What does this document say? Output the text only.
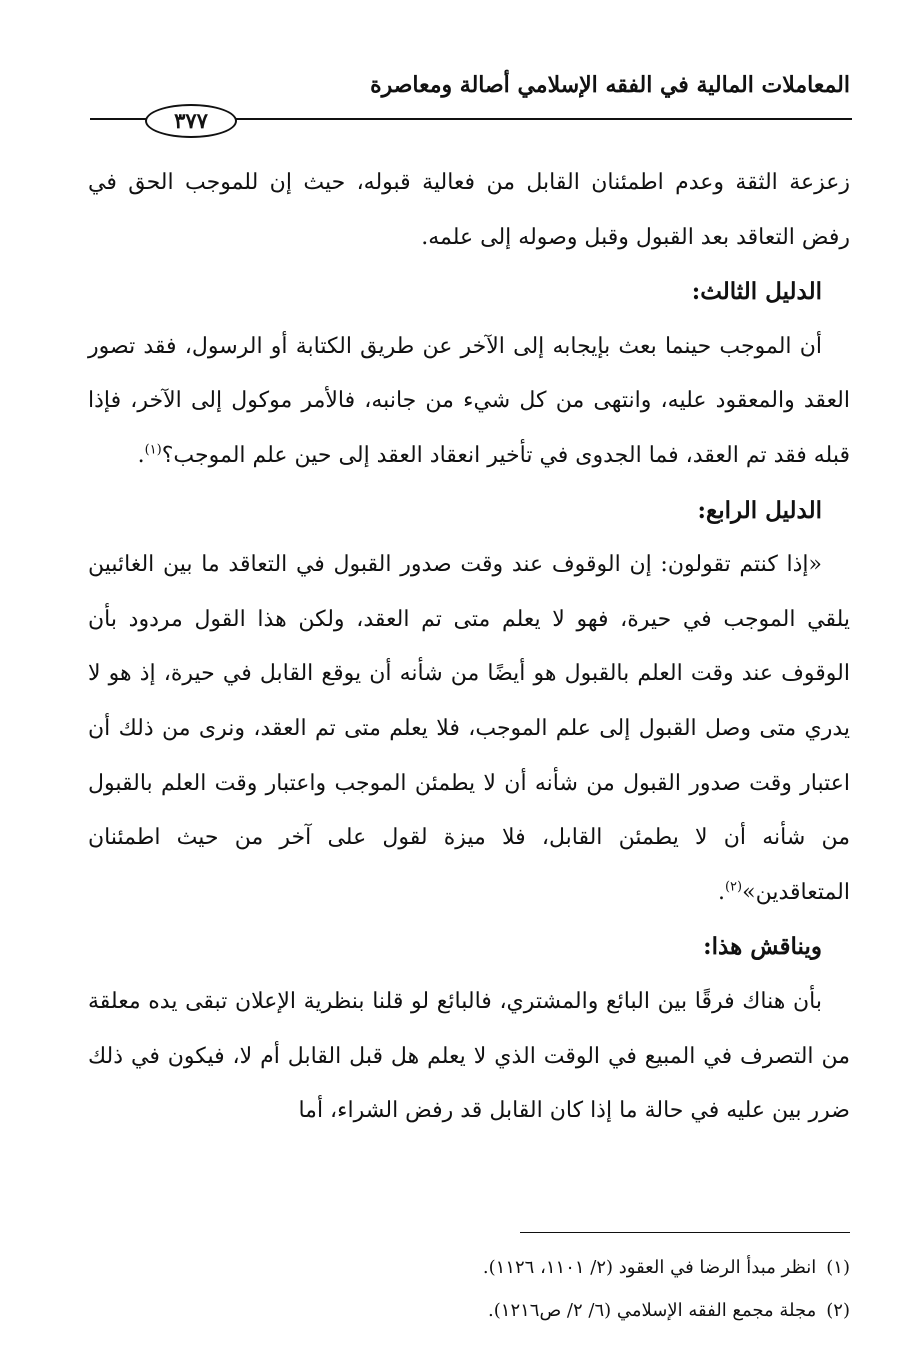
المعاملات المالية في الفقه الإسلامي أصالة ومعاصرة
٣٧٧

زعزعة الثقة وعدم اطمئنان القابل من فعالية قبوله، حيث إن للموجب الحق في رفض التعاقد بعد القبول وقبل وصوله إلى علمه.

الدليل الثالث:

أن الموجب حينما بعث بإيجابه إلى الآخر عن طريق الكتابة أو الرسول، فقد تصور العقد والمعقود عليه، وانتهى من كل شيء من جانبه، فالأمر موكول إلى الآخر، فإذا قبله فقد تم العقد، فما الجدوى في تأخير انعقاد العقد إلى حين علم الموجب؟$^{(١)}$.

الدليل الرابع:

«إذا كنتم تقولون: إن الوقوف عند وقت صدور القبول في التعاقد ما بين الغائبين يلقي الموجب في حيرة، فهو لا يعلم متى تم العقد، ولكن هذا القول مردود بأن الوقوف عند وقت العلم بالقبول هو أيضًا من شأنه أن يوقع القابل في حيرة، إذ هو لا يدري متى وصل القبول إلى علم الموجب، فلا يعلم متى تم العقد، ونرى من ذلك أن اعتبار وقت صدور القبول من شأنه أن لا يطمئن الموجب واعتبار وقت العلم بالقبول من شأنه أن لا يطمئن القابل، فلا ميزة لقول على آخر من حيث اطمئنان المتعاقدين»$^{(٢)}$.

ويناقش هذا:

بأن هناك فرقًا بين البائع والمشتري، فالبائع لو قلنا بنظرية الإعلان تبقى يده معلقة من التصرف في المبيع في الوقت الذي لا يعلم هل قبل القابل أم لا، فيكون في ذلك ضرر بين عليه في حالة ما إذا كان القابل قد رفض الشراء، أما

(١)انظر مبدأ الرضا في العقود (٢/ ١١٠١، ١١٢٦).

(٢)مجلة مجمع الفقه الإسلامي (٦/ ٢/ ص١٢١٦).
